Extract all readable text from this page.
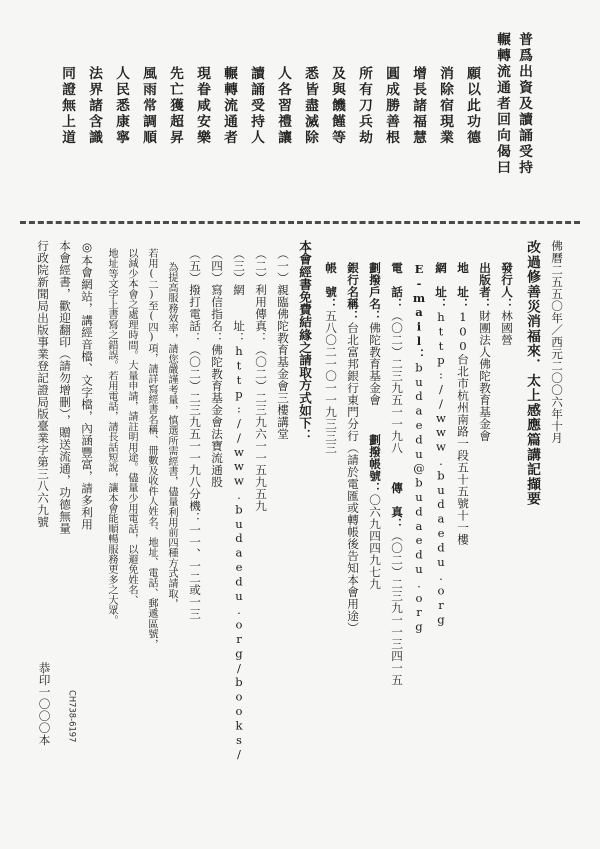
普爲出資及讀誦受持
輾轉流通者回向偈曰
願以此功德
消除宿現業
增長諸福慧
圓成勝善根
所有刀兵劫
及與饑饉等
悉皆盡滅除
人各習禮讓
讀誦受持人
輾轉流通者
現眷咸安樂
先亡獲超昇
風雨常調順
人民悉康寧
法界諸含識
同證無上道
佛曆二五五〇年／西元二〇〇六年十月
改過修善災消福來．太上感應篇講記擷要
發行人：林國營
出版者：財團法人佛陀教育基金會
地　址：100台北市杭州南路一段五十五號十一樓
網　址：http://www.budaedu.org
E-mail：budaedu@budaedu.org
電　話：（〇二）二三九五一一九八傳　真：（〇二）二三九一一三四一五
劃撥戶名：佛陀教育基金會劃撥帳號：〇六九四四九七九
銀行名稱：台北富邦銀行東門分行（請於電匯或轉帳後告知本會用途）
帳　號：五八〇二一〇一一九三三三
本會經書免費結緣之請取方式如下：
（一）親臨佛陀教育基金會三樓講堂
（二）利用傳真：（〇二）二三九六一一五九五九
（三）網　　址：http://www.budaedu.org/books/
（四）寫信指名：佛陀教育基金會法寶流通股
（五）撥打電話：（〇二）二三九五一一九八分機：一一、一二或一三
為提高服務效率，請您嚴謹考量，慎選所需經書，儘量利用前四種方式請取，
若用(二)至(四)項，請詳寫經書名稱、冊數及收件人姓名、地址、電話、郵遞區號，
以減少本會之處理時間。大量申請，請註明用途。儘量少用電話，以避免姓名、
地址等文字上書寫之錯誤。若用電話，請長話短說，讓本會能順暢服務更多之大眾。
◎本會網站，講經音檔、文字檔，內涵豐富，請多利用
本會經書，歡迎翻印（請勿增刪），贈送流通，功德無量
行政院新聞局出版事業登記證局版臺業字第三八六九號
恭印一〇〇〇本 CH738-6197
